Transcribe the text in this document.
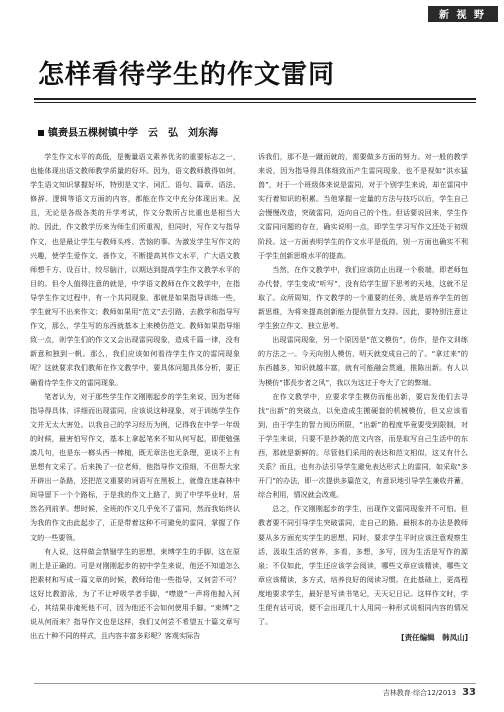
新 视 野
怎样看待学生的作文雷同
镇赉县五棵树镇中学　云　弘　刘东海

学生作文水平的高低，是衡量语文素养优劣的重要标志之一，也能体现出语文教师教学质量的好坏。因为，语文教师教得如何，学生语文知识掌握好坏，特别是文字、词汇、语句、篇章、语法、修辞、逻辑等语文方面的内容，都能在作文中充分体现出来。況且，无论是各级各类的升学考试，作文分数所占比重也是相当大的。因此，作文教学历来为师生们所重视，但同时，写作文与指导作文，也是最让学生与教师头疼、苦恼的事。为激发学生写作文的兴趣，使学生爱作文、善作文，不断提高其作文水平，广大语文教师想千方、设百计，绞尽脑汁，以期达到提高学生作文教学水平的目的。但令人值得注意的就是，中学语文教师在作文教学中，在指导学生作文过程中，有一个共同现象，那就是如果指导训练一些，学生就写不出来作文；教师如果用“范文”去引路，去教学和指导写作文，那么，学生写的东西就基本上来模仿范文。教师如果指导细致一点，则学生们的作文又会出现雷同现象，造成千篇一律，没有新意和独到一帆。那么，我们应该如何看待学生作文的雷同现象呢？这就要求我们教师在作文教学中，要具体问题具体分析，要正确看待学生作文的雷同现象。

笔者认为，对于那些学生作文刚刚起步的学生来说，因为老师指导得具体，详细而出现雷同，应该说这种现象，对于训练学生作文并无太大害处。以我自己的学习经历为例，记得我在中学一年级的时候，最害怕写作文，基本上拿起笔来不知从何写起，即便勉强凑几句，也是东一榔头西一棒槌，既无章法也无条理，更谈不上有思想有文采了。后来换了一位老师，他指导作文很细，不但帮大家开辟出一条路，还把范文重要的词语写在黑板上，就像在迷森林中间导留下一个个路标，于是我的作文上路了，到了中学毕业时，居然名列前茅。想时候，全班的作文几乎免不了雷同，然而我始终认为我的作文由此起步了，正是带着这种不可避免的雷同，掌握了作文的一些要领。

有人说，这样做会禁锢学生的思想，束缚学生的手脚，这在原则上是正确的。可是对刚刚起步的初中学生来说，他还不知道怎么把素材和写成一篇文章的时候，教师给他一些指导，又何尝不可？这好比教游泳，为了不让呼吸学者手脚，“噤遊”一声将他抛入河心，其结果非淹死他不可，因为他还不会如何使用手脚。“束缚”之说从何而来？指导作文也是这样，我们又何尝不希望五十篇文章写出五十种不同的样式，且内容丰富多彩呢？客观实际告

诉我们，那不是一蹴而就的，需要做多方面的努力。对一般的教学来说，因为指导得具体细致而产生雷同现象，也不是视如“洪水猛兽”，对于一个班级体来说是雷同，对于个别学生来说，却在雷同中实行着知识的积累。当他掌握一定量的方法与技巧以后，学生自己会慢慢改造，突破雷同，迈向自己的个性。但话要说回来，学生作文雷同问题的存在，确实说明一点，即学生学习写作文还处于初级阶段。这一方面表明学生的作文水平是低的，别一方面也确实不利于学生创新思维水平的提高。

当然，在作文教学中，我们应该防止出现一个极端，即老师包办代替，学生变成“听写”，没有给学生留下思考的天地，这就不足取了。众所周知，作文教学的一个重要的任务，就是培养学生的创新思维，为将来提高创新能力提供智力支持。因此，要特别注意让学生独立作文、独立思考。

出现雷同现象，另一个原因是“范文模仿”，仿作，是作文训练的方法之一。今天向别人模仿，明天就变成自己的了。“拿过来”的东西越多，知识就越丰富，就有可能融会贯通，推陈出新。有人以为模仿“邯長步者之风”，我以为这过于夸大了它的弊端。

在作文教学中，应要求学生模仿而能出新，要启发他们去寻找“出新”的突破点，以免造成生搬硬套的机械模仿，但又应该看到，由于学生的智力阅历所限，“出新”的程度毕竟要受到限制，对于学生来说，只要不是抄袭的范文内容，而是取写自己生活中的东西，那就是新鲜的。尽管他们采用的表达和范文相似，这又有什么关系？而且，也有办法引导学生避免表达形式上的雷同，如采取“多开门”的办法，即一次提供多篇范文，有意识地引导学生兼收并蓄，综合利用，情况就会改观。

总之，作文刚刚起步的学生，出现作文雷同现象并不可怕。但教者要不同引导学生突破雷同，走自己的路。最根本的办法是教师要从多方面充实学生的思想，同时，要求学生平时应该注意观察生活，汲取生活的营养，多看，多想，多写，因为生活是写作的源泉；不仅如此，学生还应该学会阅读，哪些文章应该精读，哪些文章应该精读，多方式，培养良好的阅读习惯。在此基础上，更高程度地要求学生，最好是写读书笔记，天天记日记。这样作文时，学生便有话可说，便不会出现几十人用同一种形式说相同内容的情况了。

[责任编辑　韩凤山]
吉林教育·综合12/2013 33
